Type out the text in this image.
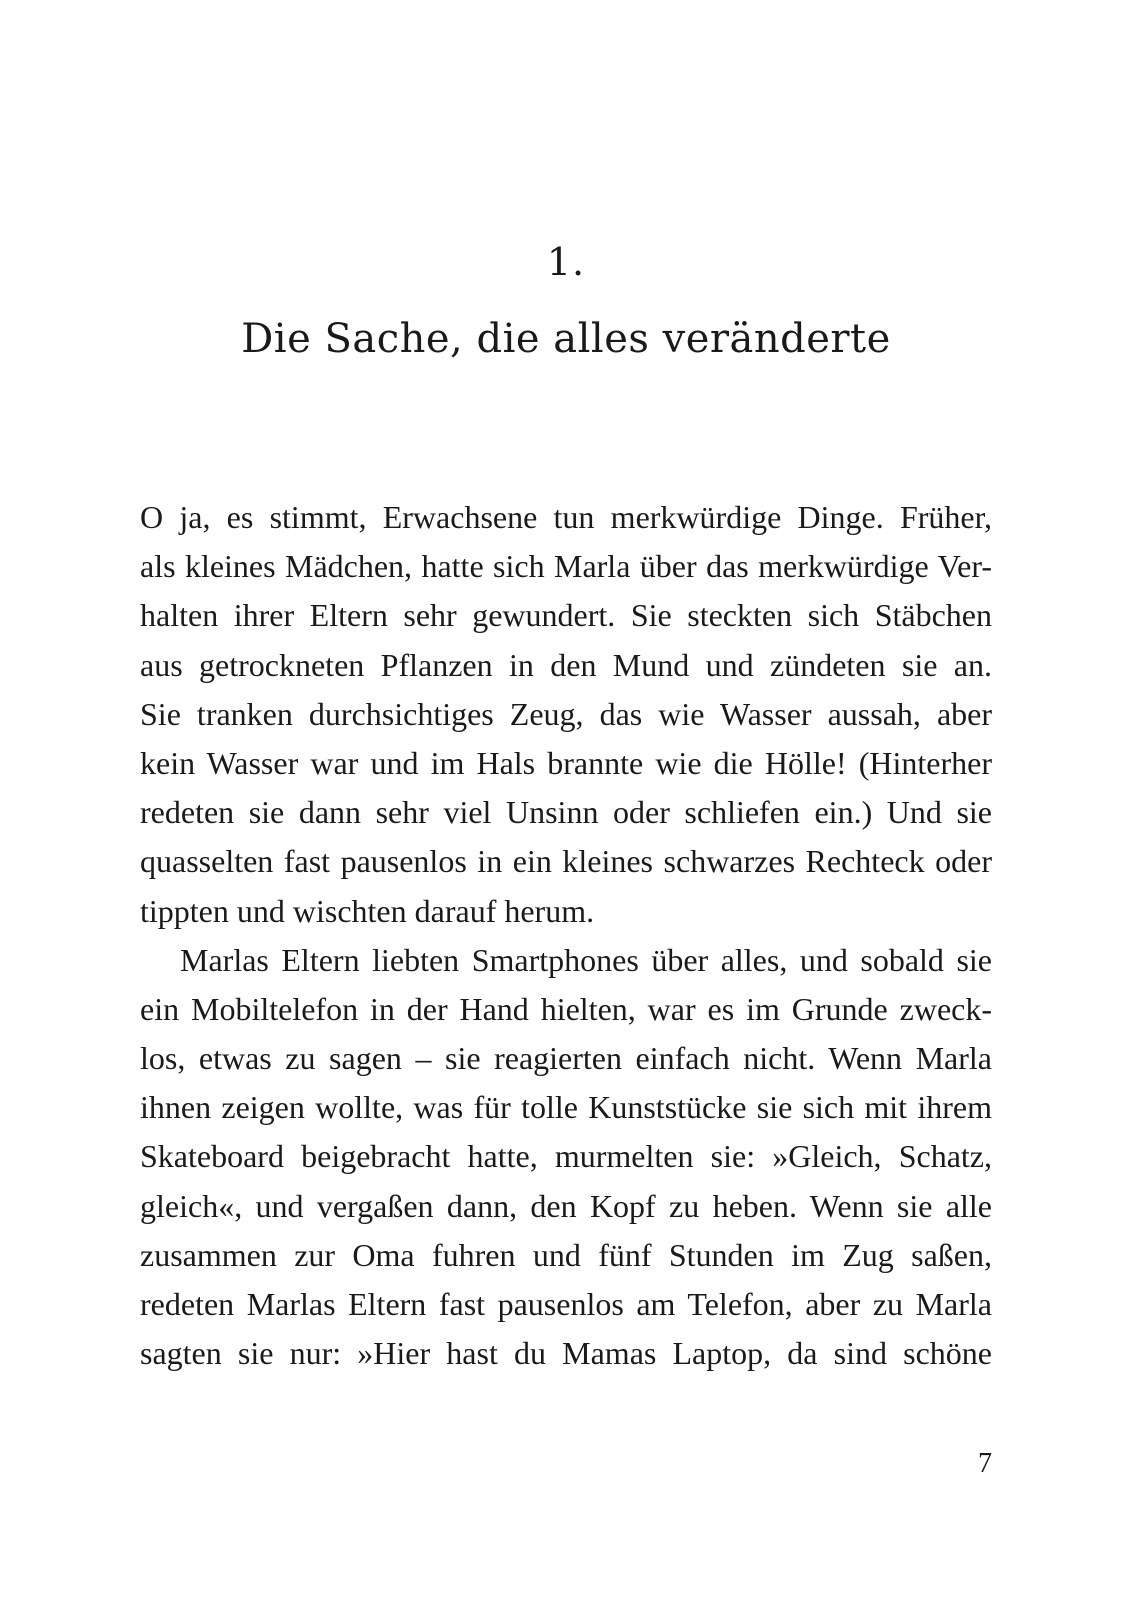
1.
Die Sache, die alles veränderte
O ja, es stimmt, Erwachsene tun merkwürdige Dinge. Früher,
als kleines Mädchen, hatte sich Marla über das merkwürdige Ver-
halten ihrer Eltern sehr gewundert. Sie steckten sich Stäbchen
aus getrockneten Pflanzen in den Mund und zündeten sie an.
Sie tranken durchsichtiges Zeug, das wie Wasser aussah, aber
kein Wasser war und im Hals brannte wie die Hölle! (Hinterher
redeten sie dann sehr viel Unsinn oder schliefen ein.) Und sie
quasselten fast pausenlos in ein kleines schwarzes Rechteck oder
tippten und wischten darauf herum.
Marlas Eltern liebten Smartphones über alles, und sobald sie
ein Mobiltelefon in der Hand hielten, war es im Grunde zweck-
los, etwas zu sagen – sie reagierten einfach nicht. Wenn Marla
ihnen zeigen wollte, was für tolle Kunststücke sie sich mit ihrem
Skateboard beigebracht hatte, murmelten sie: »Gleich, Schatz,
gleich«, und vergaßen dann, den Kopf zu heben. Wenn sie alle
zusammen zur Oma fuhren und fünf Stunden im Zug saßen,
redeten Marlas Eltern fast pausenlos am Telefon, aber zu Marla
sagten sie nur: »Hier hast du Mamas Laptop, da sind schöne
7
